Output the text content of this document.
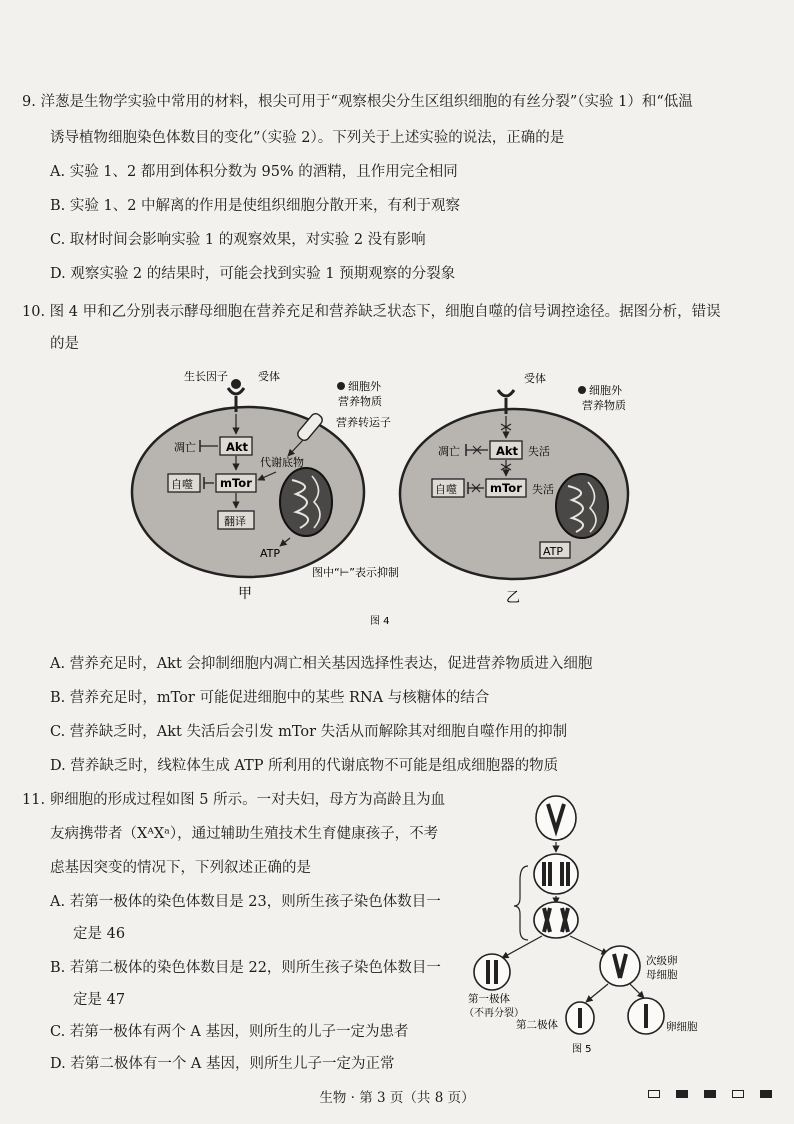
9. 洋葱是生物学实验中常用的材料，根尖可用于“观察根尖分生区组织细胞的有丝分裂”（实验 1）和“低温
诱导植物细胞染色体数目的变化”（实验 2）。下列关于上述实验的说法，正确的是
A. 实验 1、2 都用到体积分数为 95% 的酒精，且作用完全相同
B. 实验 1、2 中解离的作用是使组织细胞分散开来，有利于观察
C. 取材时间会影响实验 1 的观察效果，对实验 2 没有影响
D. 观察实验 2 的结果时，可能会找到实验 1 预期观察的分裂象
10. 图 4 甲和乙分别表示酵母细胞在营养充足和营养缺乏状态下，细胞自噬的信号调控途径。据图分析，错误
的是
生长因子	受体
细胞外
营养物质
营养转运子
Akt
凋亡
代谢底物
mTor
自噬
翻译
ATP
甲
图中“⊢”表示抑制
受体
细胞外
营养物质
Akt 失活
凋亡
mTor 失活
自噬
ATP
乙
图 4
A. 营养充足时，Akt 会抑制细胞内凋亡相关基因选择性表达，促进营养物质进入细胞
B. 营养充足时，mTor 可能促进细胞中的某些 RNA 与核糖体的结合
C. 营养缺乏时，Akt 失活后会引发 mTor 失活从而解除其对细胞自噬作用的抑制
D. 营养缺乏时，线粒体生成 ATP 所利用的代谢底物不可能是组成细胞器的物质
11. 卵细胞的形成过程如图 5 所示。一对夫妇，母方为高龄且为血
友病携带者（XᴬXᵃ），通过辅助生殖技术生育健康孩子，不考
虑基因突变的情况下，下列叙述正确的是
A. 若第一极体的染色体数目是 23，则所生孩子染色体数目一
定是 46
B. 若第二极体的染色体数目是 22，则所生孩子染色体数目一
定是 47
C. 若第一极体有两个 A 基因，则所生的儿子一定为患者
D. 若第二极体有一个 A 基因，则所生儿子一定为正常
第一极体
（不再分裂）
次级卵
母细胞
第二极体	卵细胞
图 5
生物 · 第 3 页（共 8 页）
